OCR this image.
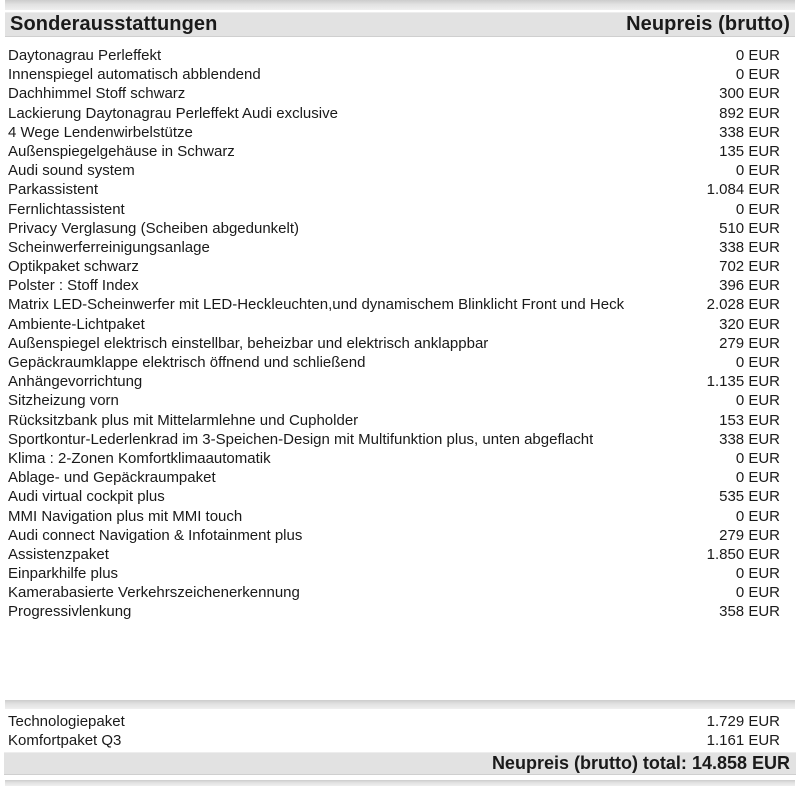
Sonderausstattungen	Neupreis (brutto)
Daytonagrau Perleffekt	0 EUR
Innenspiegel automatisch abblendend	0 EUR
Dachhimmel Stoff schwarz	300 EUR
Lackierung Daytonagrau Perleffekt Audi exclusive	892 EUR
4 Wege Lendenwirbelstütze	338 EUR
Außenspiegelgehäuse in Schwarz	135 EUR
Audi sound system	0 EUR
Parkassistent	1.084 EUR
Fernlichtassistent	0 EUR
Privacy Verglasung (Scheiben abgedunkelt)	510 EUR
Scheinwerferreinigungsanlage	338 EUR
Optikpaket schwarz	702 EUR
Polster : Stoff Index	396 EUR
Matrix LED-Scheinwerfer mit LED-Heckleuchten,und dynamischem Blinklicht Front und Heck	2.028 EUR
Ambiente-Lichtpaket	320 EUR
Außenspiegel elektrisch einstellbar, beheizbar und elektrisch anklappbar	279 EUR
Gepäckraumklappe elektrisch öffnend und schließend	0 EUR
Anhängevorrichtung	1.135 EUR
Sitzheizung vorn	0 EUR
Rücksitzbank plus mit Mittelarmlehne und Cupholder	153 EUR
Sportkontur-Lederlenkrad im 3-Speichen-Design mit Multifunktion plus, unten abgeflacht	338 EUR
Klima : 2-Zonen Komfortklimaautomatik	0 EUR
Ablage- und Gepäckraumpaket	0 EUR
Audi virtual cockpit plus	535 EUR
MMI Navigation plus mit MMI touch	0 EUR
Audi connect Navigation & Infotainment plus	279 EUR
Assistenzpaket	1.850 EUR
Einparkhilfe plus	0 EUR
Kamerabasierte Verkehrszeichenerkennung	0 EUR
Progressivlenkung	358 EUR
Technologiepaket	1.729 EUR
Komfortpaket Q3	1.161 EUR
Neupreis (brutto) total: 14.858 EUR
